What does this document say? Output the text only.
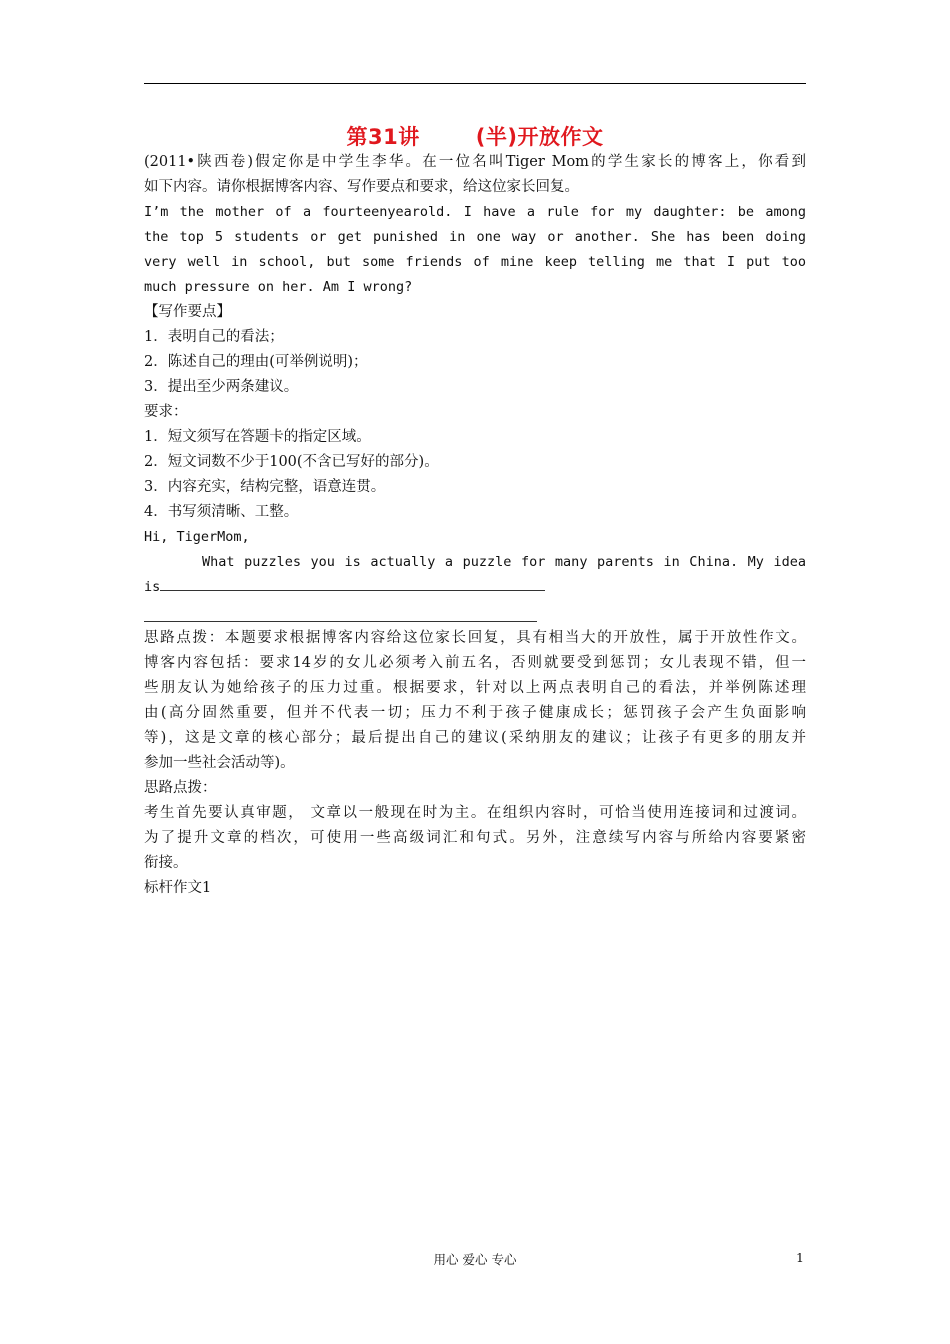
第31讲	(半)开放作文
(2011•陕西卷)假定你是中学生李华。在一位名叫Tiger Mom的学生家长的博客上，你看到
如下内容。请你根据博客内容、写作要点和要求，给这位家长回复。
I’m the mother of a fourteenyearold. I have a rule for my daughter: be among
the top 5 students or get punished in one way or another. She has been doing
very well in school, but some friends of mine keep telling me that I put too
much pressure on her. Am I wrong?
【写作要点】
1．表明自己的看法；
2．陈述自己的理由(可举例说明)；
3．提出至少两条建议。
要求：
1．短文须写在答题卡的指定区域。
2．短文词数不少于100(不含已写好的部分)。
3．内容充实，结构完整，语意连贯。
4．书写须清晰、工整。
Hi, TigerMom,
What puzzles you is actually a puzzle for many parents in China. My idea
is
思路点拨：本题要求根据博客内容给这位家长回复，具有相当大的开放性，属于开放性作文。
博客内容包括：要求14岁的女儿必须考入前五名，否则就要受到惩罚；女儿表现不错，但一
些朋友认为她给孩子的压力过重。根据要求，针对以上两点表明自己的看法，并举例陈述理
由(高分固然重要，但并不代表一切；压力不利于孩子健康成长；惩罚孩子会产生负面影响
等)，这是文章的核心部分；最后提出自己的建议(采纳朋友的建议；让孩子有更多的朋友并
参加一些社会活动等)。
思路点拨：
考生首先要认真审题， 文章以一般现在时为主。在组织内容时，可恰当使用连接词和过渡词。
为了提升文章的档次，可使用一些高级词汇和句式。另外，注意续写内容与所给内容要紧密
衔接。
标杆作文1
用心 爱心 专心	1
